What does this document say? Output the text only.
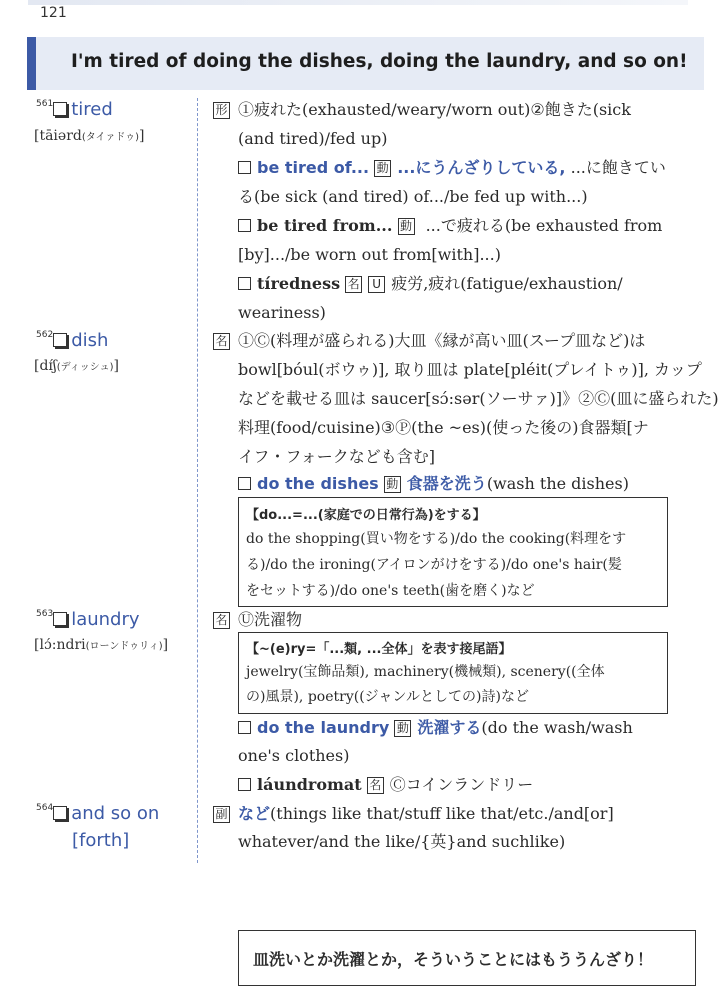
121
I'm tired of doing the dishes, doing the laundry, and so on!
$^{561}$ tired
[tāiərd(タイァドゥ)]
形 ①疲れた(exhausted/weary/worn out)②飽きた(sick
(and tired)/fed up)
be tired of... 動 ...にうんざりしている, ...に飽きてい
る(be sick (and tired) of.../be fed up with...)
be tired from... 動 ...で疲れる(be exhausted from
[by].../be worn out from[with]...)
tíredness 名 U 疲労,疲れ(fatigue/exhaustion/
weariness)
$^{562}$ dish
[dɪ́ʃ(ディッシュ)]
名 ①Ⓒ(料理が盛られる)大皿《縁が高い皿(スープ皿など)は
bowl[bóul(ボウゥ)], 取り皿は plate[pléit(プレイトゥ)], カップ
などを載せる皿は saucer[sɔ́:sər(ソーサァ)]》②Ⓒ(皿に盛られた)
料理(food/cuisine)③Ⓟ(the ~es)(使った後の)食器類[ナ
イフ・フォークなども含む]
do the dishes 動 食器を洗う(wash the dishes)
【do...=...(家庭での日常行為)をする】
do the shopping(買い物をする)/do the cooking(料理をす
る)/do the ironing(アイロンがけをする)/do one's hair(髪
をセットする)/do one's teeth(歯を磨く)など
$^{563}$ laundry
[lɔ́:ndri(ローンドゥリィ)]
名 Ⓤ洗濯物
【~(e)ry=「...類, ...全体」を表す接尾語】
jewelry(宝飾品類), machinery(機械類), scenery((全体
の)風景), poetry((ジャンルとしての)詩)など
do the laundry 動 洗濯する(do the wash/wash
one's clothes)
láundromat 名 Ⓒコインランドリー
$^{564}$ and so on
[forth]
副 など(things like that/stuff like that/etc./and[or]
whatever/and the like/{英}and suchlike)
皿洗いとか洗濯とか，そういうことにはもううんざり！
